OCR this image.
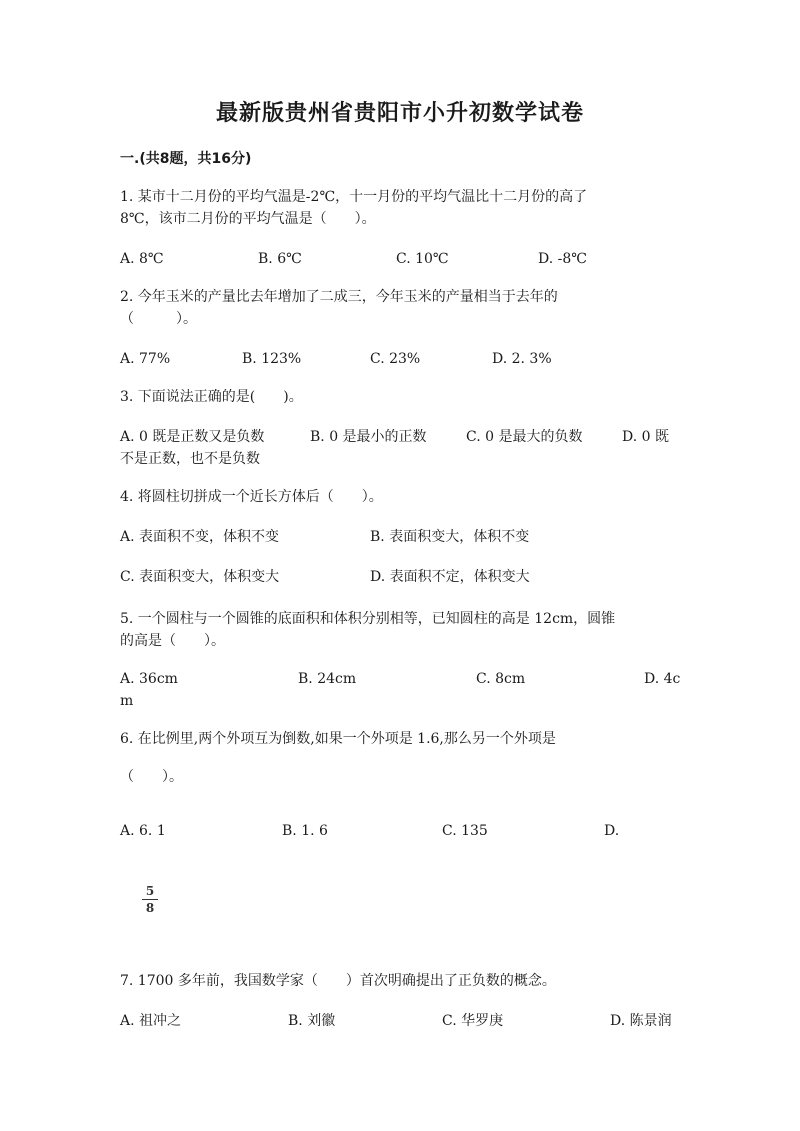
最新版贵州省贵阳市小升初数学试卷
一.(共8题，共16分)
1. 某市十二月份的平均气温是-2℃，十一月份的平均气温比十二月份的高了
8℃，该市二月份的平均气温是（　　）。
A. 8℃	B. 6℃	C. 10℃	D. -8℃
2. 今年玉米的产量比去年增加了二成三，今年玉米的产量相当于去年的
（　　　）。
A. 77%	B. 123%	C. 23%	D. 2. 3%
3. 下面说法正确的是(　　)。
A. 0 既是正数又是负数	B. 0 是最小的正数	C. 0 是最大的负数	D. 0 既
不是正数，也不是负数
4. 将圆柱切拼成一个近长方体后（　　）。
A. 表面积不变，体积不变	B. 表面积变大，体积不变
C. 表面积变大，体积变大	D. 表面积不定，体积变大
5. 一个圆柱与一个圆锥的底面积和体积分别相等，已知圆柱的高是 12cm，圆锥
的高是（　　）。
A. 36cm	B. 24cm	C. 8cm	D. 4c
m
6. 在比例里,两个外项互为倒数,如果一个外项是 1.6,那么另一个外项是
（　　）。
A. 6. 1	B. 1. 6	C. 135	D.
5
8
7. 1700 多年前，我国数学家（　　）首次明确提出了正负数的概念。
A. 祖冲之	B. 刘徽	C. 华罗庚	D. 陈景润
